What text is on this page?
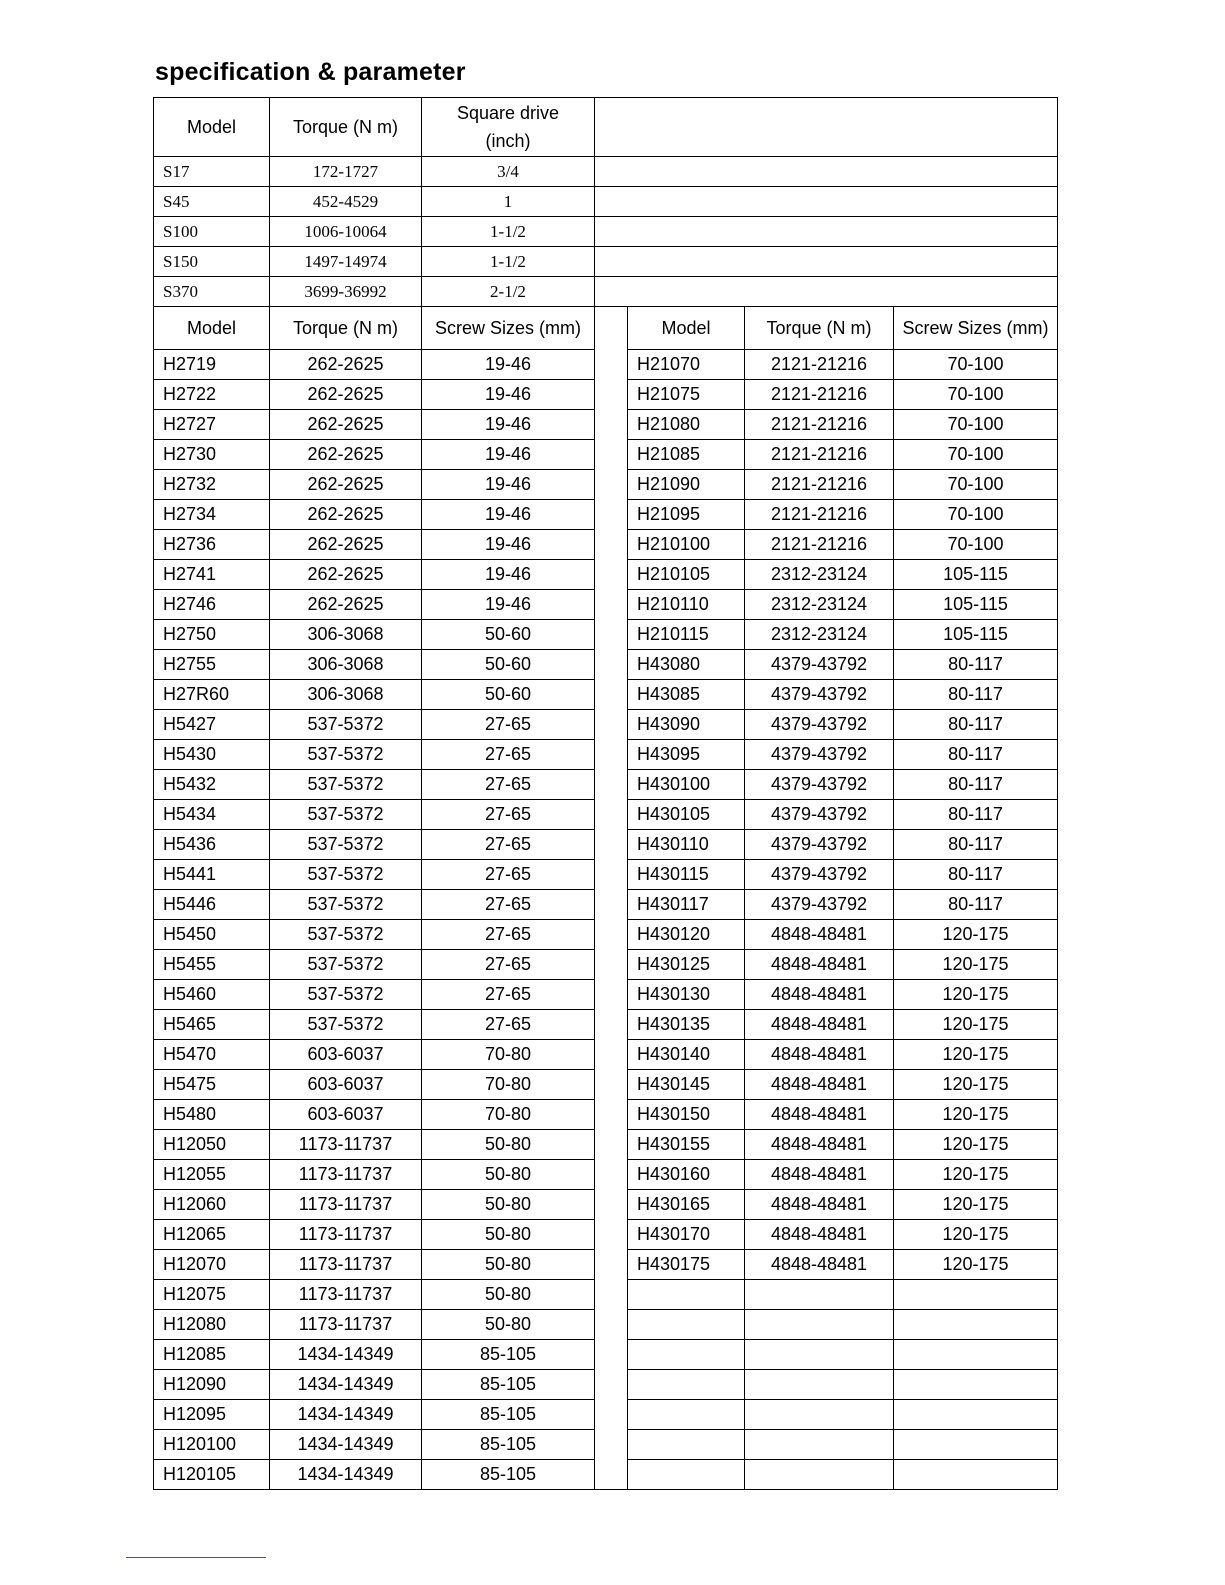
specification & parameter
Model	Torque (N m)	Square drive
(inch)				

S17	172-1727	3/4				
S45	452-4529	1				
S100	1006-10064	1-1/2				
S150	1497-14974	1-1/2				
S370	3699-36992	2-1/2				
Model	Torque (N m)	Screw Sizes (mm)		Model	Torque (N m)	Screw Sizes (mm)
H2719	262-2625	19-46		H21070	2121-21216	70-100
H2722	262-2625	19-46		H21075	2121-21216	70-100
H2727	262-2625	19-46		H21080	2121-21216	70-100
H2730	262-2625	19-46		H21085	2121-21216	70-100
H2732	262-2625	19-46		H21090	2121-21216	70-100
H2734	262-2625	19-46		H21095	2121-21216	70-100
H2736	262-2625	19-46		H210100	2121-21216	70-100
H2741	262-2625	19-46		H210105	2312-23124	105-115
H2746	262-2625	19-46		H210110	2312-23124	105-115
H2750	306-3068	50-60		H210115	2312-23124	105-115
H2755	306-3068	50-60		H43080	4379-43792	80-117
H27R60	306-3068	50-60		H43085	4379-43792	80-117
H5427	537-5372	27-65		H43090	4379-43792	80-117
H5430	537-5372	27-65		H43095	4379-43792	80-117
H5432	537-5372	27-65		H430100	4379-43792	80-117
H5434	537-5372	27-65		H430105	4379-43792	80-117
H5436	537-5372	27-65		H430110	4379-43792	80-117
H5441	537-5372	27-65		H430115	4379-43792	80-117
H5446	537-5372	27-65		H430117	4379-43792	80-117
H5450	537-5372	27-65		H430120	4848-48481	120-175
H5455	537-5372	27-65		H430125	4848-48481	120-175
H5460	537-5372	27-65		H430130	4848-48481	120-175
H5465	537-5372	27-65		H430135	4848-48481	120-175
H5470	603-6037	70-80		H430140	4848-48481	120-175
H5475	603-6037	70-80		H430145	4848-48481	120-175
H5480	603-6037	70-80		H430150	4848-48481	120-175
H12050	1173-11737	50-80		H430155	4848-48481	120-175
H12055	1173-11737	50-80		H430160	4848-48481	120-175
H12060	1173-11737	50-80		H430165	4848-48481	120-175
H12065	1173-11737	50-80		H430170	4848-48481	120-175
H12070	1173-11737	50-80		H430175	4848-48481	120-175
H12075	1173-11737	50-80				
H12080	1173-11737	50-80				
H12085	1434-14349	85-105				
H12090	1434-14349	85-105				
H12095	1434-14349	85-105				
H120100	1434-14349	85-105				
H120105	1434-14349	85-105				
